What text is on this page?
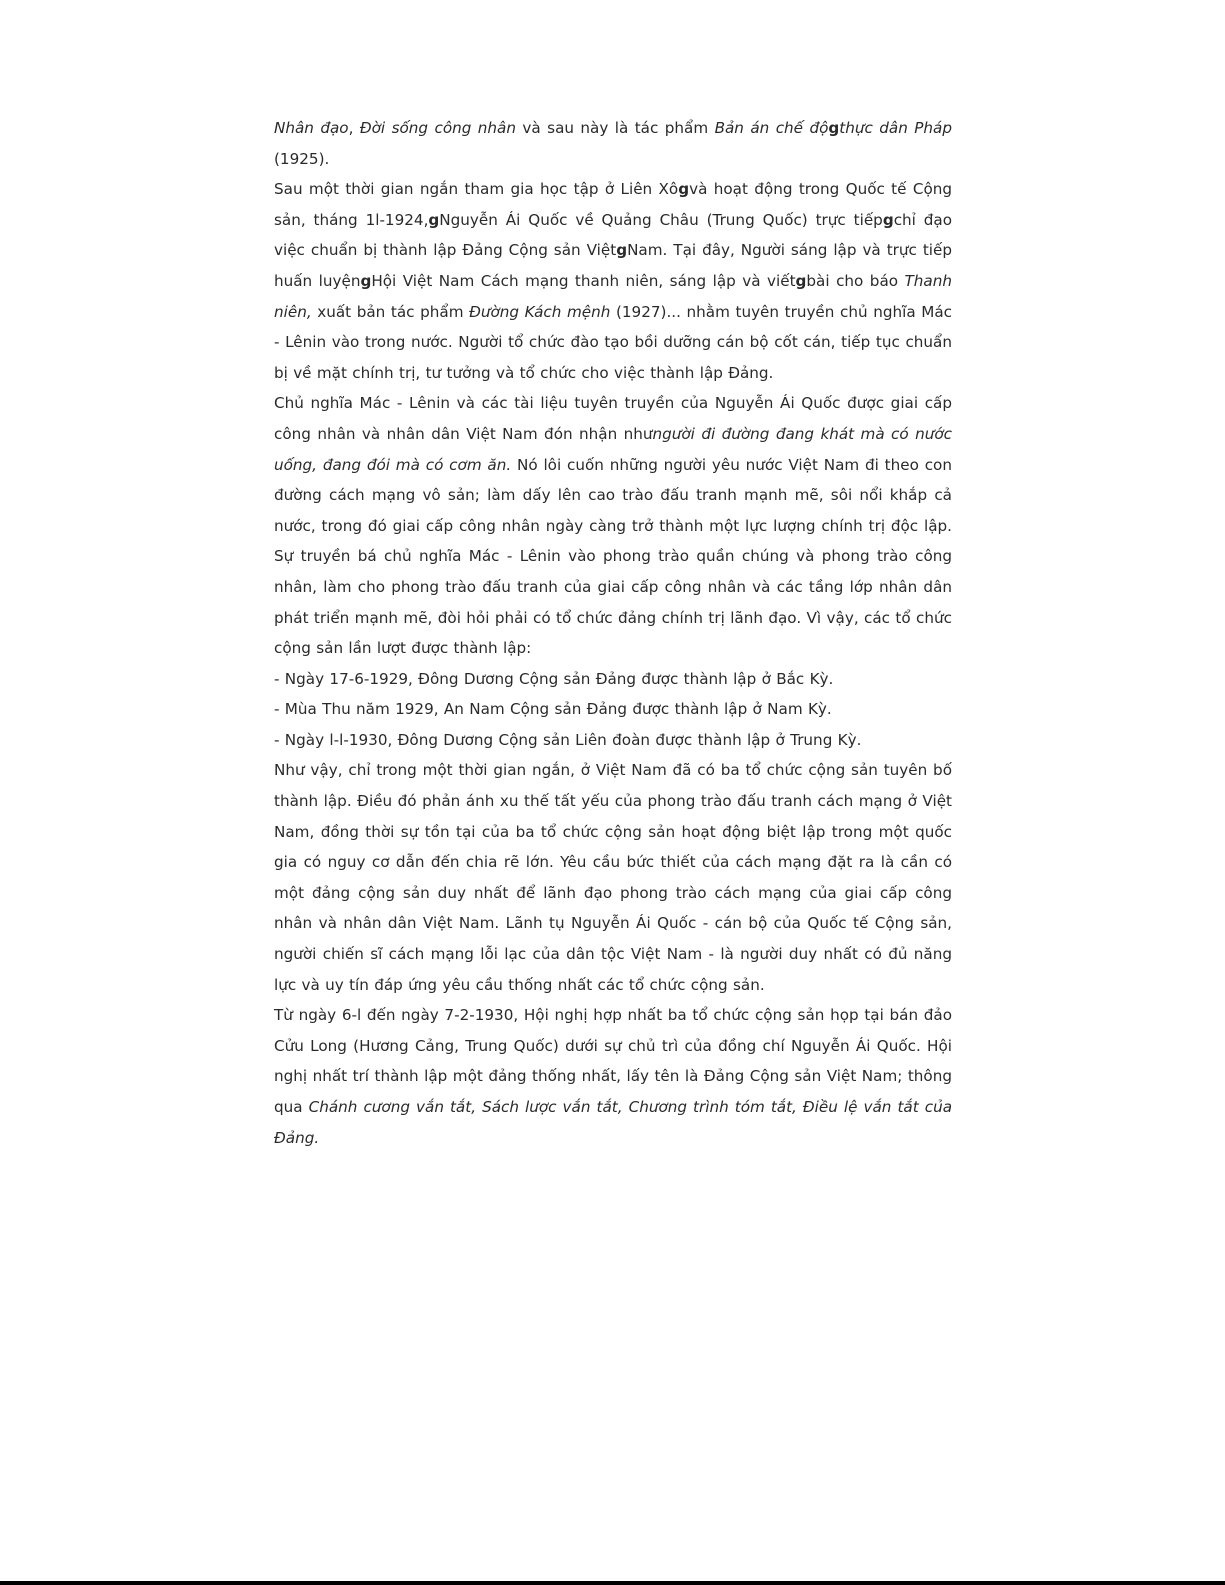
Nhân đạo, Đời sống công nhân và sau này là tác phẩm Bản án chế độgthực dân Pháp (1925).

Sau một thời gian ngắn tham gia học tập ở Liên Xôgvà hoạt động trong Quốc tế Cộng sản, tháng 1l-1924,gNguyễn Ái Quốc về Quảng Châu (Trung Quốc) trực tiếpgchỉ đạo việc chuẩn bị thành lập Đảng Cộng sản ViệtgNam. Tại đây, Người sáng lập và trực tiếp huấn luyệngHội Việt Nam Cách mạng thanh niên, sáng lập và viếtgbài cho báo Thanh niên, xuất bản tác phẩm Đường Kách mệnh (1927)... nhằm tuyên truyền chủ nghĩa Mác - Lênin vào trong nước. Người tổ chức đào tạo bồi dưỡng cán bộ cốt cán, tiếp tục chuẩn bị về mặt chính trị, tư tưởng và tổ chức cho việc thành lập Đảng.

Chủ nghĩa Mác - Lênin và các tài liệu tuyên truyền của Nguyễn Ái Quốc được giai cấp công nhân và nhân dân Việt Nam đón nhận nhưngười đi đường đang khát mà có nước uống, đang đói mà có cơm ăn. Nó lôi cuốn những người yêu nước Việt Nam đi theo con đường cách mạng vô sản; làm dấy lên cao trào đấu tranh mạnh mẽ, sôi nổi khắp cả nước, trong đó giai cấp công nhân ngày càng trở thành một lực lượng chính trị độc lập. Sự truyền bá chủ nghĩa Mác - Lênin vào phong trào quần chúng và phong trào công nhân, làm cho phong trào đấu tranh của giai cấp công nhân và các tầng lớp nhân dân phát triển mạnh mẽ, đòi hỏi phải có tổ chức đảng chính trị lãnh đạo. Vì vậy, các tổ chức cộng sản lần lượt được thành lập:

- Ngày 17-6-1929, Đông Dương Cộng sản Đảng được thành lập ở Bắc Kỳ.

- Mùa Thu năm 1929, An Nam Cộng sản Đảng được thành lập ở Nam Kỳ.

- Ngày l-l-1930, Đông Dương Cộng sản Liên đoàn được thành lập ở Trung Kỳ.

Như vậy, chỉ trong một thời gian ngắn, ở Việt Nam đã có ba tổ chức cộng sản tuyên bố thành lập. Điều đó phản ánh xu thế tất yếu của phong trào đấu tranh cách mạng ở Việt Nam, đồng thời sự tồn tại của ba tổ chức cộng sản hoạt động biệt lập trong một quốc gia có nguy cơ dẫn đến chia rẽ lớn. Yêu cầu bức thiết của cách mạng đặt ra là cần có một đảng cộng sản duy nhất để lãnh đạo phong trào cách mạng của giai cấp công nhân và nhân dân Việt Nam. Lãnh tụ Nguyễn Ái Quốc - cán bộ của Quốc tế Cộng sản, người chiến sĩ cách mạng lỗi lạc của dân tộc Việt Nam - là người duy nhất có đủ năng lực và uy tín đáp ứng yêu cầu thống nhất các tổ chức cộng sản.

Từ ngày 6-l đến ngày 7-2-1930, Hội nghị hợp nhất ba tổ chức cộng sản họp tại bán đảo Cửu Long (Hương Cảng, Trung Quốc) dưới sự chủ trì của đồng chí Nguyễn Ái Quốc. Hội nghị nhất trí thành lập một đảng thống nhất, lấy tên là Đảng Cộng sản Việt Nam; thông qua Chánh cương vắn tắt, Sách lược vắn tắt, Chương trình tóm tắt, Điều lệ vắn tắt của Đảng.
